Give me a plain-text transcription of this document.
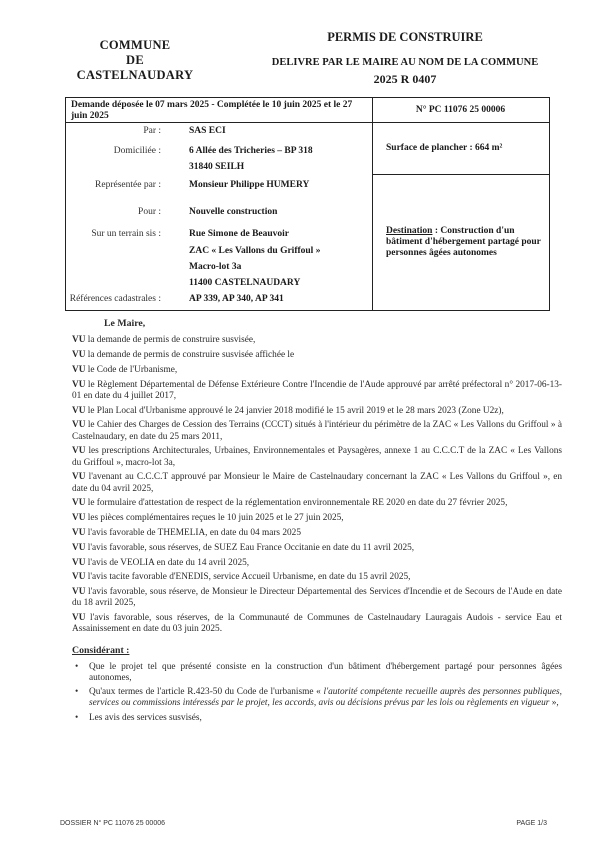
COMMUNE
DE
CASTELNAUDARY
PERMIS DE CONSTRUIRE
DELIVRE PAR LE MAIRE AU NOM DE LA COMMUNE
2025 R 0407
Demande déposée le 07 mars 2025 - Complétée le 10 juin 2025 et le 27 juin 2025
N° PC 11076 25 00006
Par :	SAS ECI
Domiciliée :	6 Allée des Tricheries – BP 318
31840 SEILH
Représentée par :	Monsieur Philippe HUMERY
Pour :	Nouvelle construction
Sur un terrain sis :	Rue Simone de Beauvoir
ZAC « Les Vallons du Griffoul »
Macro-lot 3a
11400 CASTELNAUDARY
Références cadastrales :	AP 339, AP 340, AP 341
Surface de plancher : 664 m²
Destination : Construction d'un bâtiment d'hébergement partagé pour personnes âgées autonomes

Le Maire,

VU la demande de permis de construire susvisée,

VU la demande de permis de construire susvisée affichée le

VU le Code de l'Urbanisme,

VU le Règlement Départemental de Défense Extérieure Contre l'Incendie de l'Aude approuvé par arrêté préfectoral n° 2017-06-13-01 en date du 4 juillet 2017,

VU le Plan Local d'Urbanisme approuvé le 24 janvier 2018 modifié le 15 avril 2019 et le 28 mars 2023 (Zone U2z),

VU le Cahier des Charges de Cession des Terrains (CCCT) situés à l'intérieur du périmètre de la ZAC « Les Vallons du Griffoul » à Castelnaudary, en date du 25 mars 2011,

VU les prescriptions Architecturales, Urbaines, Environnementales et Paysagères, annexe 1 au C.C.C.T de la ZAC « Les Vallons du Griffoul », macro-lot 3a,

VU l'avenant au C.C.C.T approuvé par Monsieur le Maire de Castelnaudary concernant la ZAC « Les Vallons du Griffoul », en date du 04 avril 2025,

VU le formulaire d'attestation de respect de la réglementation environnementale RE 2020 en date du 27 février 2025,

VU les pièces complémentaires reçues le 10 juin 2025 et le 27 juin 2025,

VU l'avis favorable de THEMELIA, en date du 04 mars 2025

VU l'avis favorable, sous réserves, de SUEZ Eau France Occitanie en date du 11 avril 2025,

VU l'avis de VEOLIA en date du 14 avril 2025,

VU l'avis tacite favorable d'ENEDIS, service Accueil Urbanisme, en date du 15 avril 2025,

VU l'avis favorable, sous réserve, de Monsieur le Directeur Départemental des Services d'Incendie et de Secours de l'Aude en date du 18 avril 2025,

VU l'avis favorable, sous réserves, de la Communauté de Communes de Castelnaudary Lauragais Audois - service Eau et Assainissement en date du 03 juin 2025.

Considérant :
• Que le projet tel que présenté consiste en la construction d'un bâtiment d'hébergement partagé pour personnes âgées autonomes,
• Qu'aux termes de l'article R.423-50 du Code de l'urbanisme « l'autorité compétente recueille auprès des personnes publiques, services ou commissions intéressés par le projet, les accords, avis ou décisions prévus par les lois ou règlements en vigueur »,
• Les avis des services susvisés,
DOSSIER N° PC 11076 25 00006	PAGE 1/3
